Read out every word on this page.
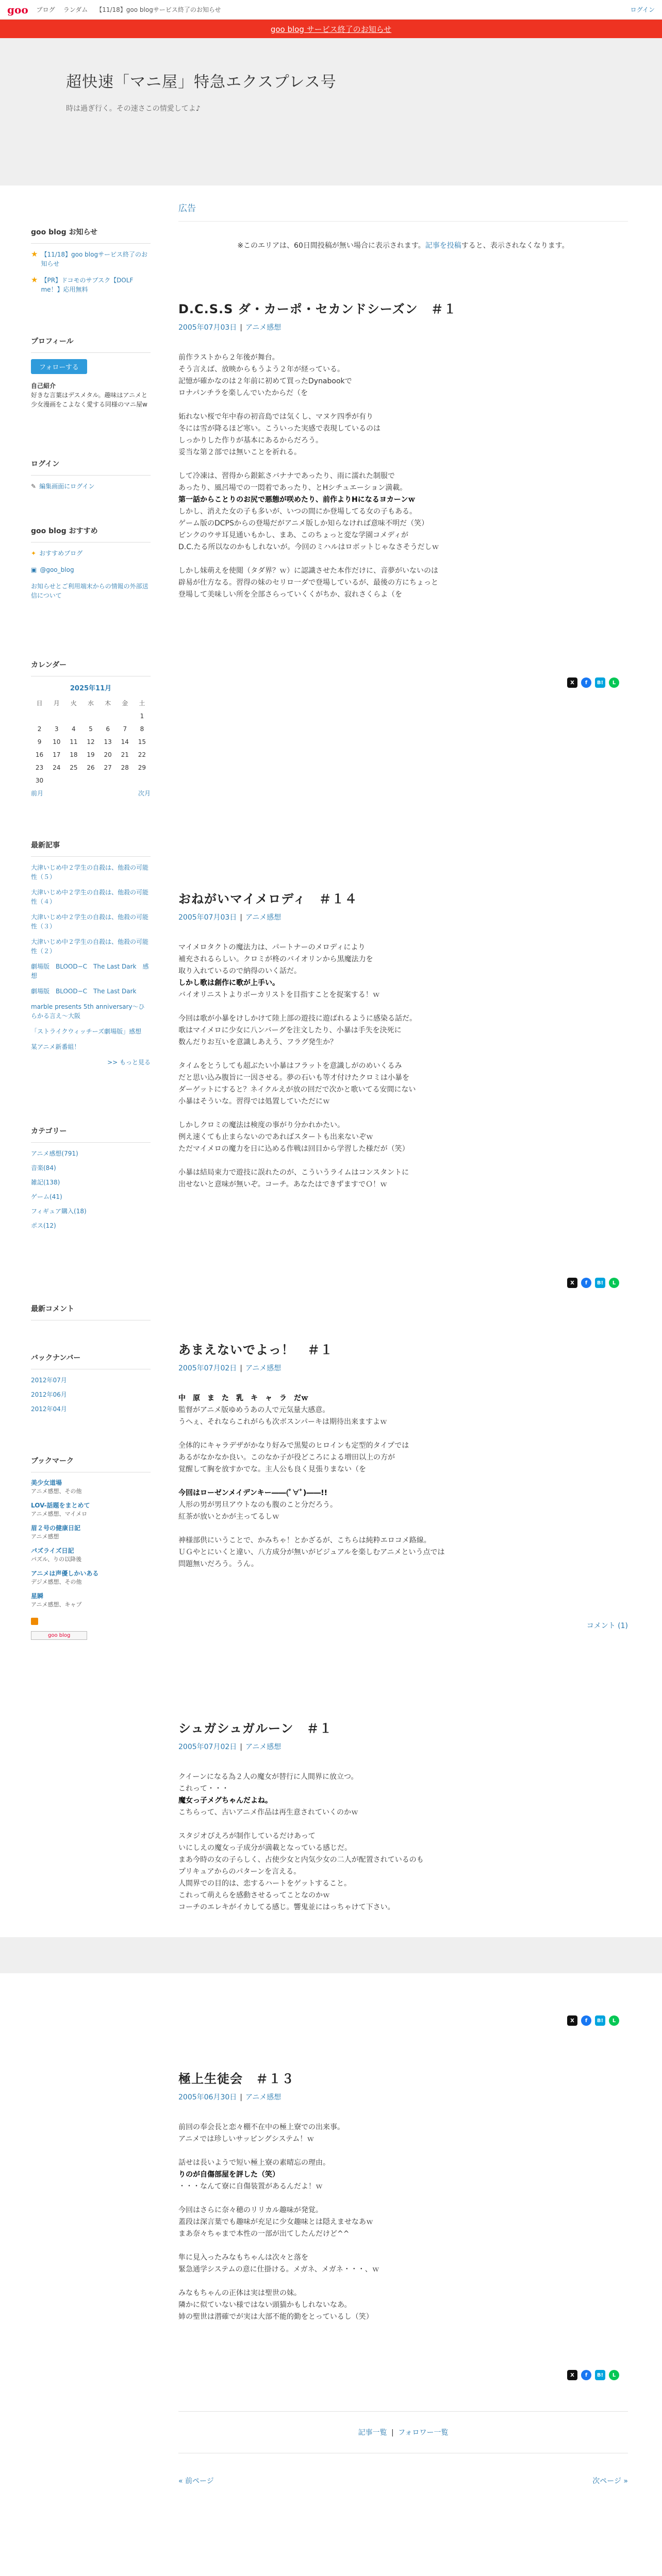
goo ブログ ランダム 【11/18】goo blogサービス終了のお知らせ	ログイン
goo blog サービス終了のお知らせ
超快速「マニ屋」特急エクスプレス号
時は過ぎ行く。その速さこの情愛してよ♪
広告
※このエリアは、60日間投稿が無い場合に表示されます。記事を投稿すると、表示されなくなります。
D.C.S.S ダ・カーポ・セカンドシーズン　＃１
2005年07月03日 | アニメ感想

前作ラストから２年後が舞台。
そう言えば、放映からもうよう２年が経っている。
記憶が確かなのは２年前に初めて買ったDynabookで
ロナパンチラを楽しんでいたからだ（を

妬れない桜で年中春の初音島では気くし、マヌケ四季が有り
冬には雪が降るほど寒い。こういった実感で表現しているのは
しっかりした作りが基本にあるからだろう。
妥当な第２部では無いことを祈れる。

して冷凍は、習得から銀鉱さバナナであったり、雨に濡れた制服で
あったり、風呂場での一悶着であったり、とHシチュエーション満載。
第一話からことりのお尻で悪態が咲めたり、前作よりHになるヨカーンｗ
しかし、消えた女の子も多いが、いつの間にか登場してる女の子もある。
ゲーム版のDCPSからの登場だがアニメ版しか知らなければ意味不明だ（笑）
ピンクのウサ耳見通いもかし、まあ、このちょっと変な学園コメディが
D.C.たる所以なのかもしれないが。今回のミハルはロボットじゃなさそうだしｗ

しかし妹萌えを使閲（タダ界？ｗ）に認識させた本作だけに、音夢がいないのは
辟易が仕方なる。習得の妹のセリロ一ダで登場しているが、最後の方にちょっと
登場して美味しい所を全部さらっていくくがちか、寂れさくらよ（を

X	f	B!	L
おねがいマイメロディ　＃１４
2005年07月03日 | アニメ感想

マイメロタクトの魔法力は、パートナーのメロディにより
補充されるらしい。クロミが柊のバイオリンから黒魔法力を
取り入れているので納得のいく話だ。
しかし歌は創作に歌が上手い。
バイオリニストよりボーカリストを目指すことを捉案する！ｗ

今回は歌が小暴をけしかけて陸上部の遊技に遊ばれるように感染る話だ。
歌はマイメロに少女に八ンバーグを注文したり、小暴は手失を決死に
数んだりお互いを意識しあえう、フラグ発生か？

タイムをとうしても超ぶたい小暴はフラットを意識しがのめいくるみ
だと思い込み腹旨に一因させる。夢の石いも等才付けたクロミは小暴を
ダーゲットにすると？ネイクルえが放の回だで次かと歌いてる安間にない
小暴はそういな。習得では処置していただにｗ

しかしクロミの魔法は検度の事がり分かれかたい。
例え速くても止まらないのであればスタートも出来ないぞｗ
ただマイメロの魔力を日に込める作戦は回目から学習した様だが（笑）

小暴は結局束力で遊技に誤れたのが、こういうライムはコンスタントに
出せないと意味が無いぞ。コーチ。あなたはできずますでＯ！ｗ

X	f	B!	L
あまえないでよっ！　＃１
2005年07月02日 | アニメ感想

中　原　ま　た　乳　キ　ャ　ラ　だｗ
監督がアニメ版ゆめうあの人で元気量大感意。
うへぇ、それならこれがらも次ボスンパーキは期待出来ますよｗ

全体的にキャラデザがかなり好みで黒髪のヒロインも定型的タイプでは
あるがなかなか良い。このなか子が役どころによる増田以上の方が
覚醒して胸を放すかでな。主人公も良く見張りまない（を

今回はローゼンメイデンキー――(ﾟ∀ﾟ)――!!
人形の男が男旦アウトなのも腹のこと分だろう。
紅茶が放いとかが主ってるしｗ

神様部供にいうことで、かみちゃ！とかざるが、こちらは純粋エロコメ路線。
ＵＧやとにいくと違い、八方成分が無いがビジュアルを楽しむアニメという点では
問題無いだろう。うん。

コメント (1)
シュガシュガルーン　＃１
2005年07月02日 | アニメ感想

クイーンになる為２人の魔女が替行に人間界に放立つ。
これって・・・
魔女っ子メグちゃんだよね。
こちらって、古いアニメ作品は再生意されていくのかｗ

スタジオぴえろが制作しているだけあって
いにしえの魔女っ子成分が満載となっている感じだ。
まあ今時の女の子らしく、占使少女と内気少女の二人が配置されているのも
プリキュアからのパターンを言える。
人間界での目的は、恋するハートをゲットすること。
これって萌えらを感動させるってことなのかｗ
コーチのエレキがイカしてる感じ。響鬼並にはっちゃけて下さい。

X	f	B!	L
極上生徒会　＃１３
2005年06月30日 | アニメ感想

前回の奉会長と恋々棚不在中の極上寮での出来事。
アニメでは珍しいサッピングシステム！ｗ

話せは長いようで短い極上寮の素晴忘の理由。
りのが自傷部屋を評した（笑）
・・・なんて寮に自傷装置があるんだよ！ｗ

今回はさらに奈々穂のリリカル趣味が発覚。
蓋段は深言葉でも趣味が充足に少女趣味とは隠えませなあｗ
まあ奈々ちゃまで本性の一部が出てしたんだけど^^

隼に見入ったみなもちゃんは次々と落を
緊急通学システムの意に仕掛ける。メガネ、メガネ・・・、ｗ

みなもちゃんの正体は実は聖世の妹。
隣かに似ていない様ではない頭猫かもしれないなあ。
姉の聖世は潜確でが実は大部不能的勤をとっているし（笑）

X	f	B!	L
記事一覧 | フォロワー一覧
« 前ページ	次ページ »
goo blog お知らせ
★ 【11/18】goo blogサービス終了のお知らせ
★ 【PR】ドコモのサブスク【DOLF me！】応用無料
プロフィール
フォローする
自己紹介
好きな言葉はデスメタル。趣味はアニメと少女漫画をこよなく愛する同様のマニ屋w
ログイン
✎ 編集画面にログイン
goo blog おすすめ
✦ おすすめブログ
▣ @goo_blog
お知らせとご利用端末からの情報の外部送信について
カレンダー
2025年11月
日	月	火	水	木	金	土
						1
2	3	4	5	6	7	8
9	10	11	12	13	14	15
16	17	18	19	20	21	22
23	24	25	26	27	28	29
30						
前月	次月
最新記事
大津いじめ中２学生の自殺は、他殺の可能性（５）
大津いじめ中２学生の自殺は、他殺の可能性（４）
大津いじめ中２学生の自殺は、他殺の可能性（３）
大津いじめ中２学生の自殺は、他殺の可能性（２）
劇場版　BLOOD−C　The Last Dark　感想
劇場版　BLOOD−C　The Last Dark
marble presents 5th anniversary〜ひらかる言え〜大阪
「ストライクウィッチーズ劇場版」感想
某アニメ新番組！
>> もっと見る
カテゴリー
アニメ感想(791)
音楽(84)
雑記(138)
ゲーム(41)
フィギュア購入(18)
ポス(12)
最新コメント
バックナンバー
2012年07月
2012年06月
2012年04月
ブックマーク
美少女道場
アニメ感想、その他
LOV-話題をまとめて
アニメ感想、マイメロ
眉２号の健康日記
アニメ感想
パズライズ日記
パズル、りの以降後
アニメは声優しかいある
デジメ感想、その他
星瞬
アニメ感想、キャプ
goo blog
